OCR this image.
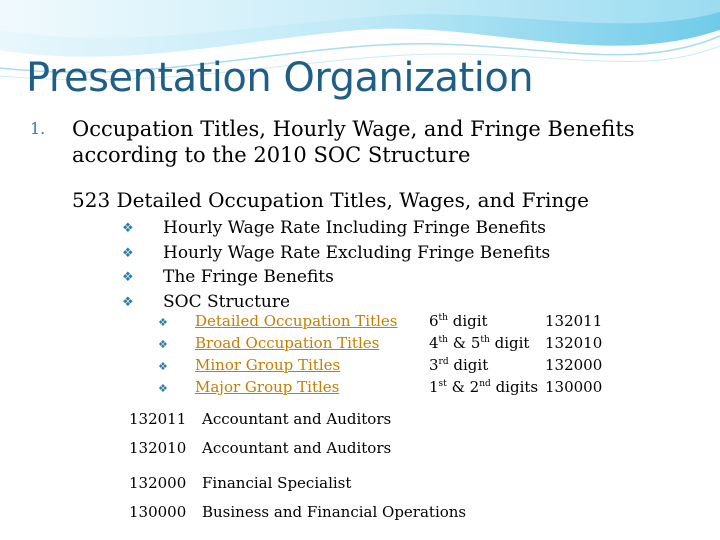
Presentation Organization
1. Occupation Titles, Hourly Wage, and Fringe Benefits according to the 2010 SOC Structure
523 Detailed Occupation Titles, Wages, and Fringe
❖ Hourly Wage Rate Including Fringe Benefits
❖ Hourly Wage Rate Excluding Fringe Benefits
❖ The Fringe Benefits
❖ SOC Structure
❖ Detailed Occupation Titles 6th digit	132011
❖ Broad Occupation Titles	4th & 5th digit 132010
❖ Minor Group Titles	3rd digit	132000
❖ Major Group Titles	1st & 2nd digits 130000
132011 Accountant and Auditors
132010 Accountant and Auditors
132000 Financial Specialist
130000 Business and Financial Operations
